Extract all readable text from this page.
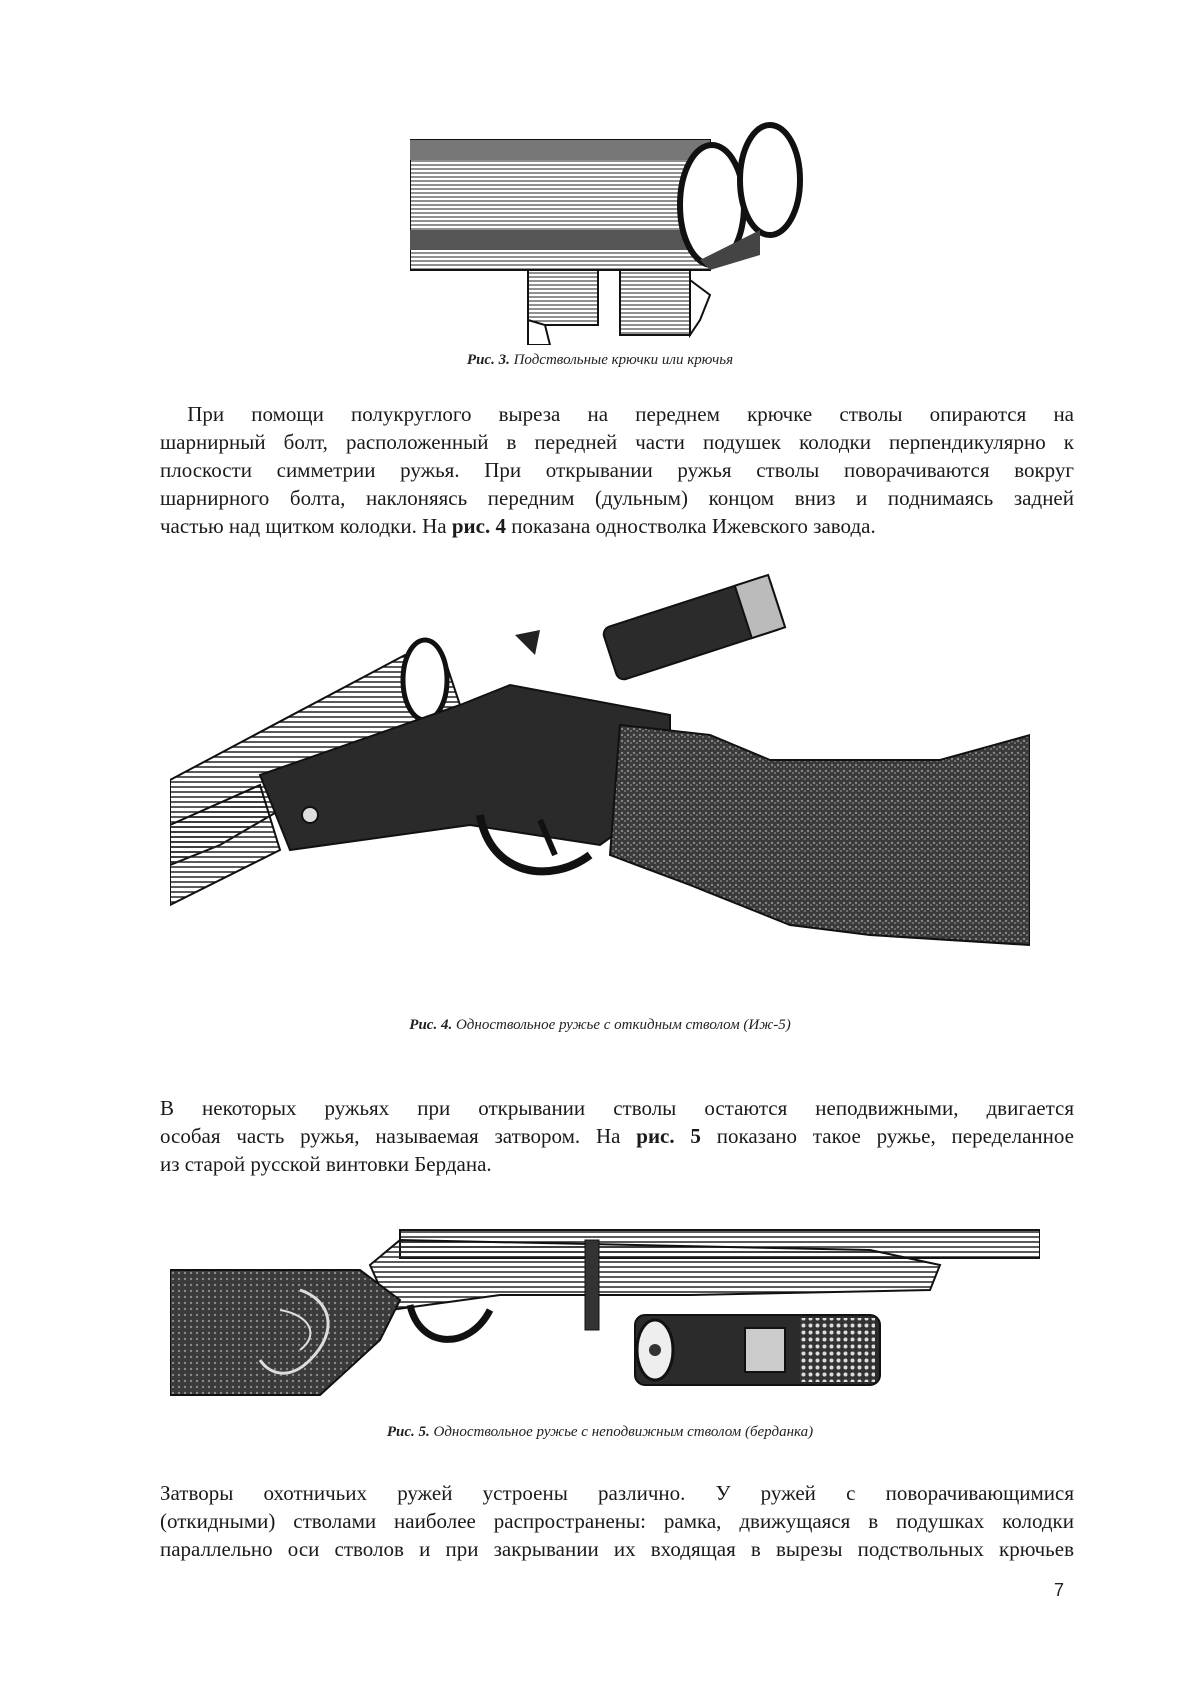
Рис. 3. Подствольные крючки или крючья

При помощи полукруглого выреза на переднем крючке стволы опираются на

шарнирный болт, расположенный в передней части подушек колодки перпендикулярно к

плоскости симметрии ружья. При открывании ружья стволы поворачиваются вокруг

шарнирного болта, наклоняясь передним (дульным) концом вниз и поднимаясь задней

частью над щитком колодки. На рис. 4 показана одностволка Ижевского завода.

Рис. 4. Одноствольное ружье с откидным стволом (Иж-5)

В некоторых ружьях при открывании стволы остаются неподвижными, двигается

особая часть ружья, называемая затвором. На рис. 5 показано такое ружье, переделанное

из старой русской винтовки Бердана.

Рис. 5. Одноствольное ружье с неподвижным стволом (берданка)

Затворы охотничьих ружей устроены различно. У ружей с поворачивающимися

(откидными) стволами наиболее распространены: рамка, движущаяся в подушках колодки

параллельно оси стволов и при закрывании их входящая в вырезы подствольных крючьев

7
